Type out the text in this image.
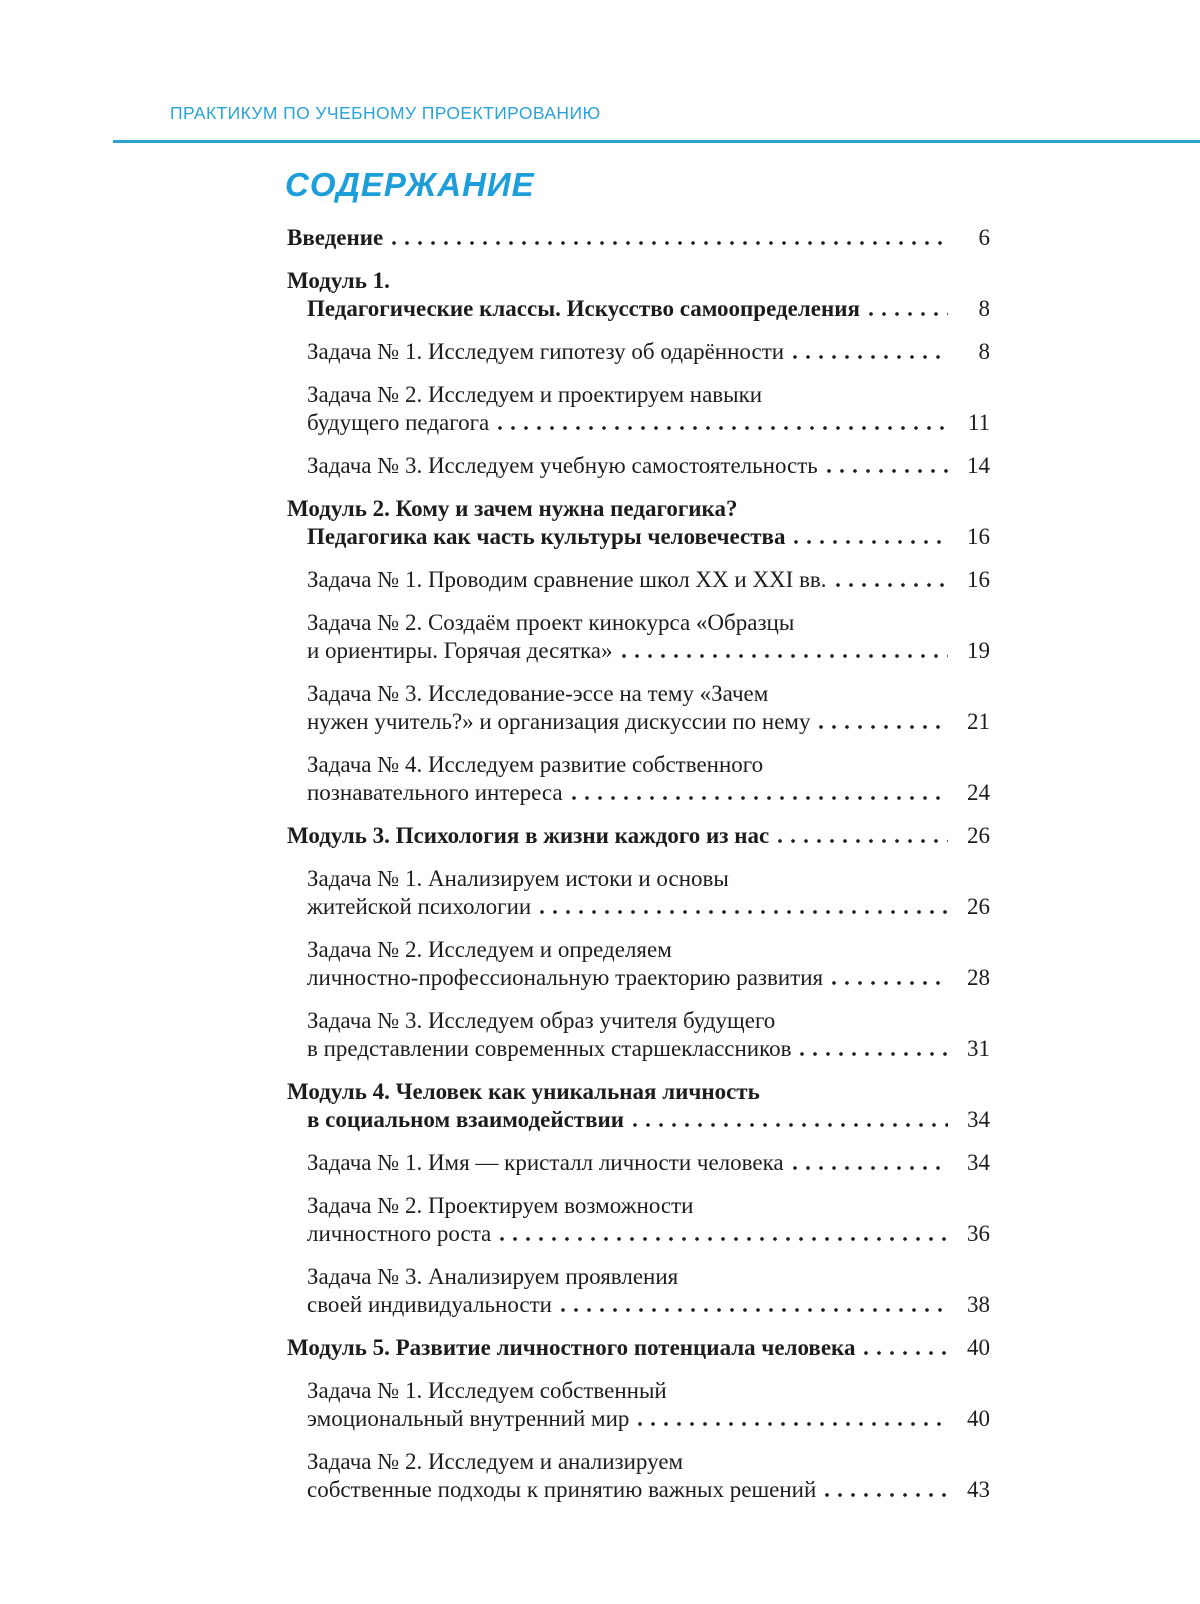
ПРАКТИКУМ ПО УЧЕБНОМУ ПРОЕКТИРОВАНИЮ
СОДЕРЖАНИЕ
Введение	6
Модуль 1.
Педагогические классы. Искусство самоопределения	8
Задача № 1. Исследуем гипотезу об одарённости	8
Задача № 2. Исследуем и проектируем навыки
будущего педагога	11
Задача № 3. Исследуем учебную самостоятельность	14
Модуль 2. Кому и зачем нужна педагогика?
Педагогика как часть культуры человечества	16
Задача № 1. Проводим сравнение школ XX и XXI вв.	16
Задача № 2. Создаём проект кинокурса «Образцы
и ориентиры. Горячая десятка»	19
Задача № 3. Исследование-эссе на тему «Зачем
нужен учитель?» и организация дискуссии по нему	21
Задача № 4. Исследуем развитие собственного
познавательного интереса	24
Модуль 3. Психология в жизни каждого из нас	26
Задача № 1. Анализируем истоки и основы
житейской психологии	26
Задача № 2. Исследуем и определяем
личностно-профессиональную траекторию развития	28
Задача № 3. Исследуем образ учителя будущего
в представлении современных старшеклассников	31
Модуль 4. Человек как уникальная личность
в социальном взаимодействии	34
Задача № 1. Имя — кристалл личности человека	34
Задача № 2. Проектируем возможности
личностного роста	36
Задача № 3. Анализируем проявления
своей индивидуальности	38
Модуль 5. Развитие личностного потенциала человека	40
Задача № 1. Исследуем собственный
эмоциональный внутренний мир	40
Задача № 2. Исследуем и анализируем
собственные подходы к принятию важных решений	43
